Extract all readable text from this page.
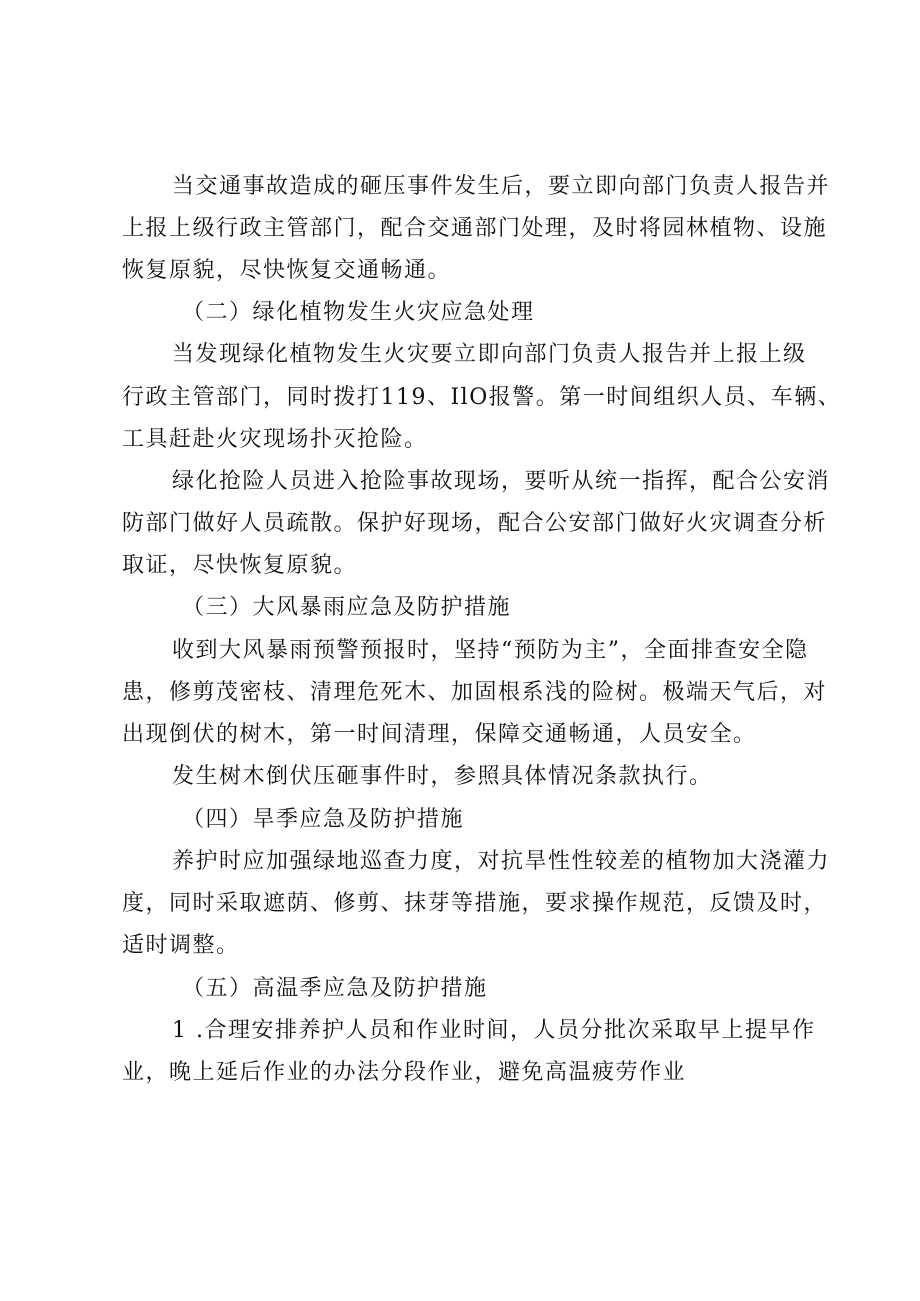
当交通事故造成的砸压事件发生后，要立即向部门负责人报告并
上报上级行政主管部门，配合交通部门处理，及时将园林植物、设施
恢复原貌，尽快恢复交通畅通。
（二）绿化植物发生火灾应急处理
当发现绿化植物发生火灾要立即向部门负责人报告并上报上级
行政主管部门，同时拨打119、IlO报警。第一时间组织人员、车辆、
工具赶赴火灾现场扑灭抢险。
绿化抢险人员进入抢险事故现场，要听从统一指挥，配合公安消
防部门做好人员疏散。保护好现场，配合公安部门做好火灾调查分析
取证，尽快恢复原貌。
（三）大风暴雨应急及防护措施
收到大风暴雨预警预报时，坚持“预防为主”，全面排查安全隐
患，修剪茂密枝、清理危死木、加固根系浅的险树。极端天气后，对
出现倒伏的树木，第一时间清理，保障交通畅通，人员安全。
发生树木倒伏压砸事件时，参照具体情况条款执行。
（四）旱季应急及防护措施
养护时应加强绿地巡查力度，对抗旱性性较差的植物加大浇灌力
度，同时采取遮荫、修剪、抹芽等措施，要求操作规范，反馈及时，
适时调整。
（五）高温季应急及防护措施
1 .合理安排养护人员和作业时间，人员分批次采取早上提早作
业，晚上延后作业的办法分段作业，避免高温疲劳作业
